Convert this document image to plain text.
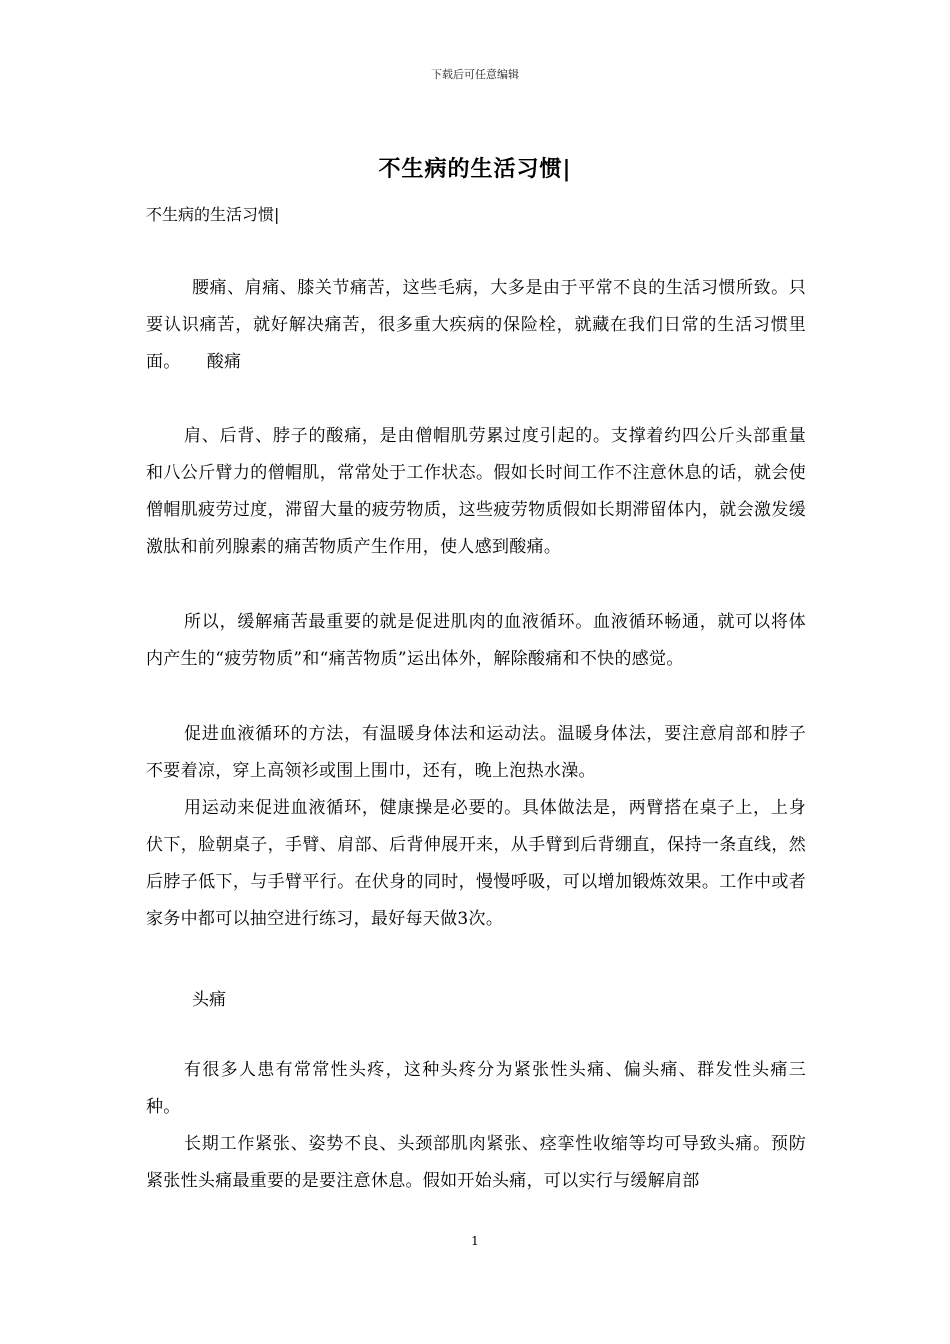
下载后可任意编辑
不生病的生活习惯|
不生病的生活习惯|

腰痛、肩痛、膝关节痛苦，这些毛病，大多是由于平常不良的生活习惯所致。只要认识痛苦，就好解决痛苦，很多重大疾病的保险栓，就藏在我们日常的生活习惯里面。　　酸痛

肩、后背、脖子的酸痛，是由僧帽肌劳累过度引起的。支撑着约四公斤头部重量和八公斤臂力的僧帽肌，常常处于工作状态。假如长时间工作不注意休息的话，就会使僧帽肌疲劳过度，滞留大量的疲劳物质，这些疲劳物质假如长期滞留体内，就会激发缓激肽和前列腺素的痛苦物质产生作用，使人感到酸痛。

所以，缓解痛苦最重要的就是促进肌肉的血液循环。血液循环畅通，就可以将体内产生的“疲劳物质”和“痛苦物质”运出体外，解除酸痛和不快的感觉。

促进血液循环的方法，有温暖身体法和运动法。温暖身体法，要注意肩部和脖子不要着凉，穿上高领衫或围上围巾，还有，晚上泡热水澡。

用运动来促进血液循环，健康操是必要的。具体做法是，两臂搭在桌子上，上身伏下，脸朝桌子，手臂、肩部、后背伸展开来，从手臂到后背绷直，保持一条直线，然后脖子低下，与手臂平行。在伏身的同时，慢慢呼吸，可以增加锻炼效果。工作中或者家务中都可以抽空进行练习，最好每天做3次。

头痛

有很多人患有常常性头疼，这种头疼分为紧张性头痛、偏头痛、群发性头痛三种。

长期工作紧张、姿势不良、头颈部肌肉紧张、痉挛性收缩等均可导致头痛。预防紧张性头痛最重要的是要注意休息。假如开始头痛，可以实行与缓解肩部

1
